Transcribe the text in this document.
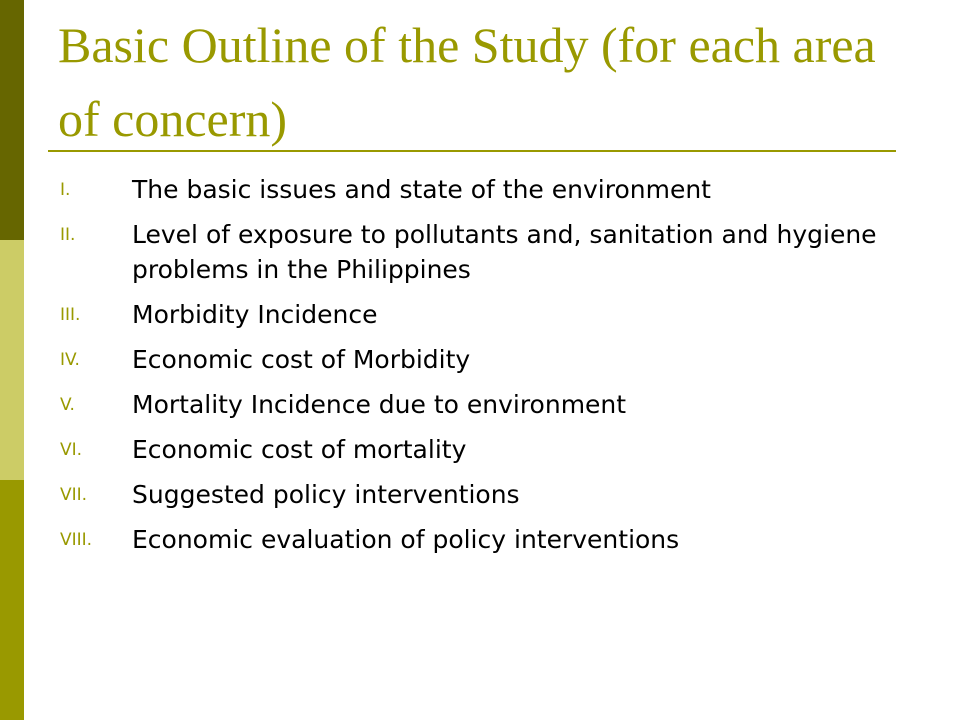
Basic Outline of the Study (for each area of concern)
I. The basic issues and state of the environment
II. Level of exposure to pollutants and, sanitation and hygiene problems in the Philippines
III. Morbidity Incidence
IV. Economic cost of Morbidity
V. Mortality Incidence due to environment
VI. Economic cost of mortality
VII. Suggested policy interventions
VIII. Economic evaluation of policy interventions
